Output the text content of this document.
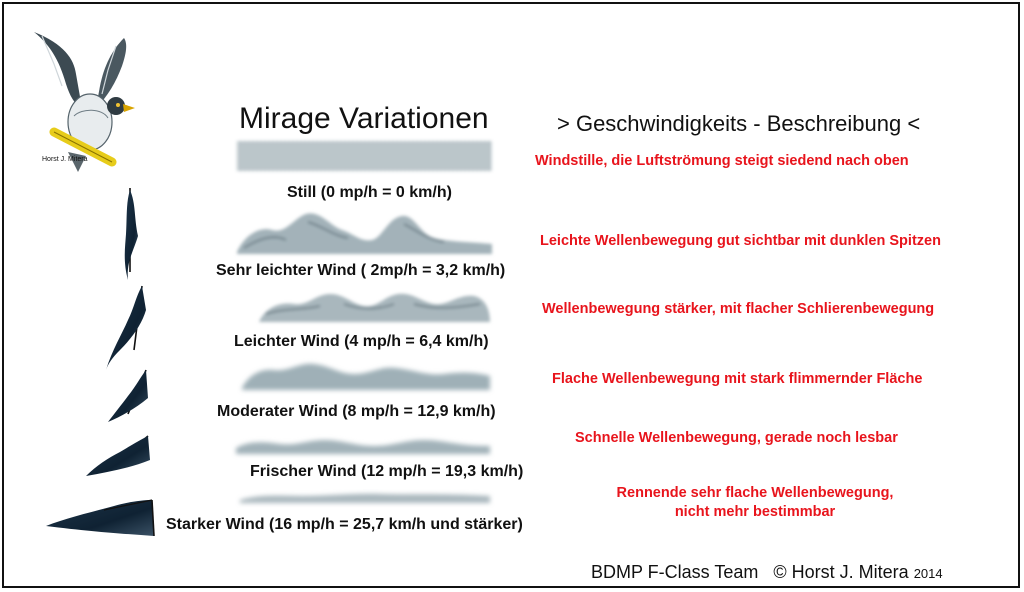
Horst J. Mitera
Mirage Variationen	> Geschwindigkeits - Beschreibung <
Windstille, die Luftströmung steigt siedend nach oben
Still (0 mp/h = 0 km/h)
Leichte Wellenbewegung gut sichtbar mit dunklen Spitzen
Sehr leichter Wind ( 2mp/h = 3,2 km/h)
Wellenbewegung stärker, mit flacher Schlierenbewegung
Leichter Wind (4 mp/h = 6,4 km/h)
Flache Wellenbewegung mit stark flimmernder Fläche
Moderater Wind (8 mp/h = 12,9 km/h)
Schnelle Wellenbewegung, gerade noch lesbar
Frischer Wind (12 mp/h = 19,3 km/h)
Rennende sehr flache Wellenbewegung,
nicht mehr bestimmbar
Starker Wind (16 mp/h = 25,7 km/h und stärker)
BDMP F-Class Team © Horst J. Mitera 2014
